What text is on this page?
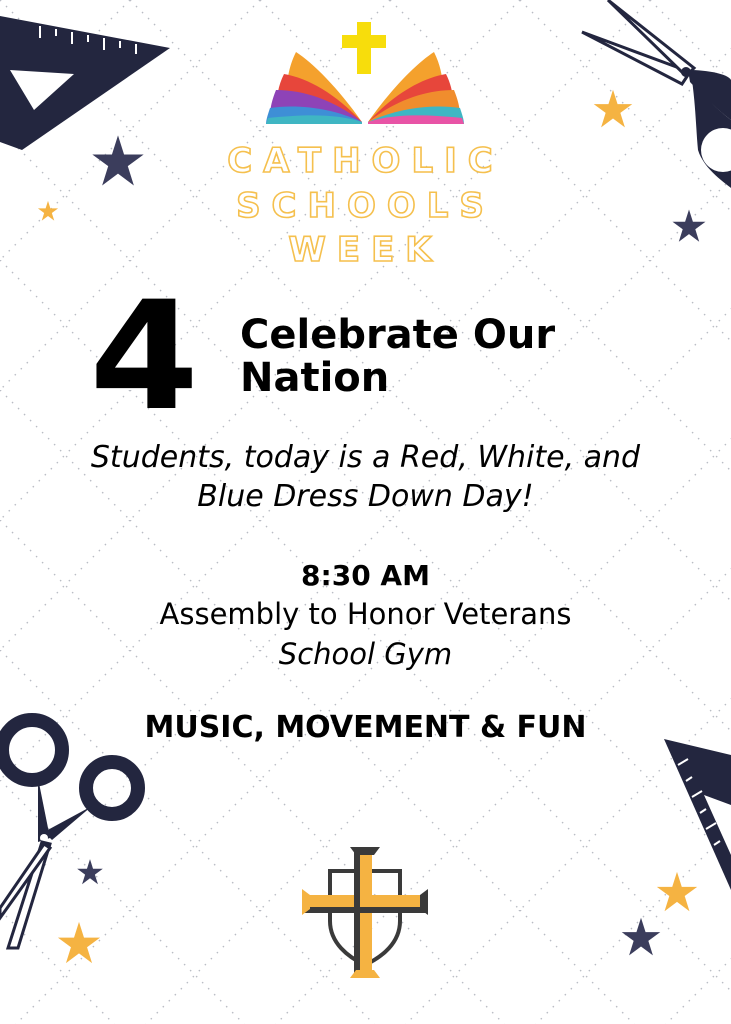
CATHOLIC
SCHOOLS
WEEK
4 Celebrate Our
Nation
Students, today is a Red, White, and
Blue Dress Down Day!
8:30 AM
Assembly to Honor Veterans
School Gym
MUSIC, MOVEMENT & FUN
